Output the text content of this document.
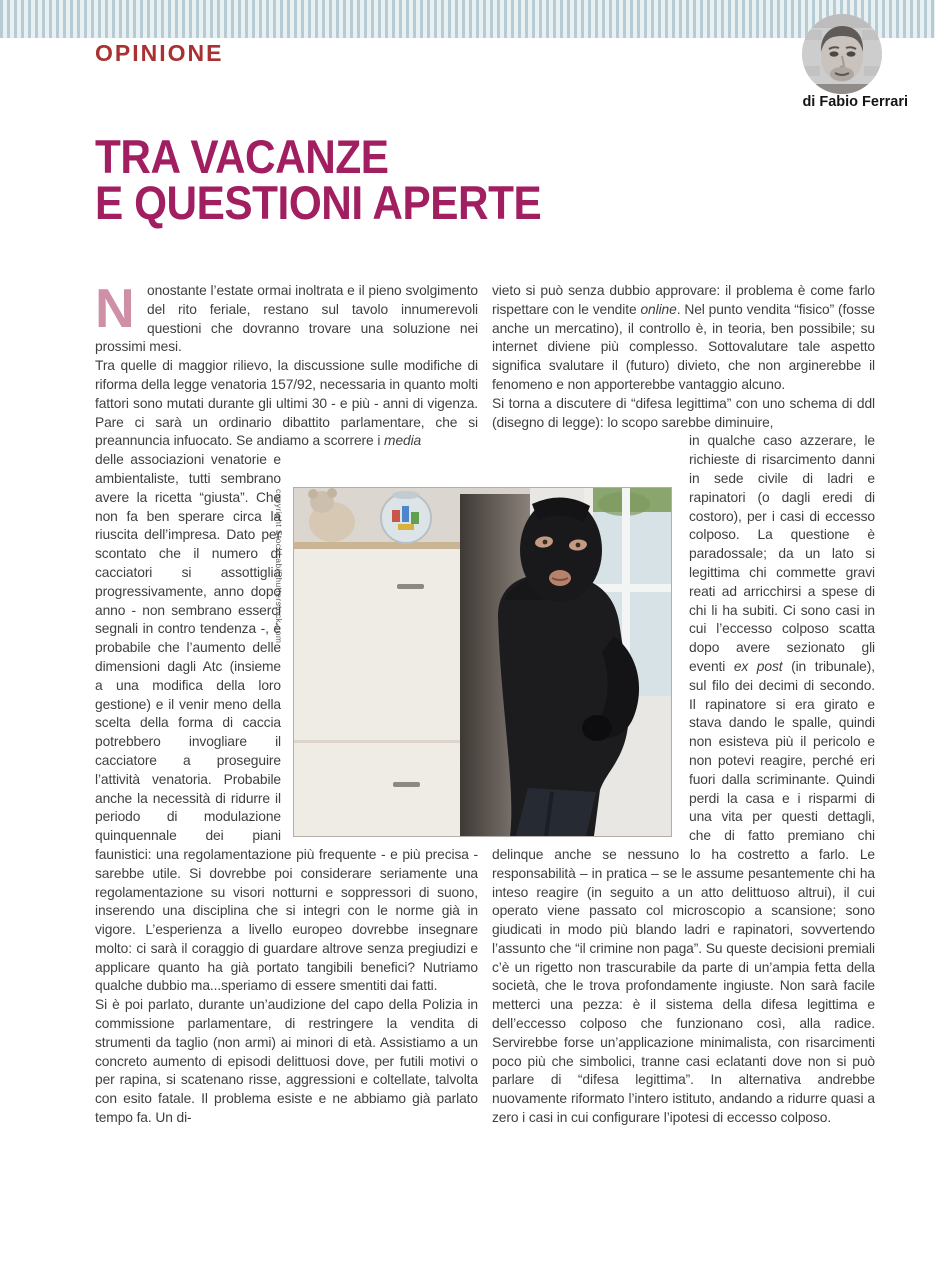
OPINIONE
di Fabio Ferrari
TRA VACANZE
E QUESTIONI APERTE
copyright StockLab/Shutterstock.com

Nonostante l’estate ormai inoltrata e il pieno svolgimento del rito feriale, restano sul tavolo innumerevoli questioni che dovranno trovare una soluzione nei prossimi mesi.

Tra quelle di maggior rilievo, la discussione sulle modifiche di riforma della legge venatoria 157/92, necessaria in quanto molti fattori sono mutati durante gli ultimi 30 - e più - anni di vigenza. Pare ci sarà un ordinario dibattito parlamentare, che si preannuncia infuocato. Se andiamo a scorrere i media

delle associazioni venatorie e ambientaliste, tutti sembrano avere la ricetta “giusta”. Che non fa ben sperare circa la riuscita dell’impresa. Dato per scontato che il numero di cacciatori si assottiglia progressivamente, anno dopo anno - non sembrano esserci segnali in contro tendenza -, è probabile che l’aumento delle dimensioni dagli Atc (insieme a una modifica della loro gestione) e il venir meno della scelta della forma di caccia potrebbero invogliare il cacciatore a proseguire l’attività venatoria. Probabile anche la necessità di ridurre il periodo di modulazione quinquennale dei piani faunistici: una regolamentazione più frequente - e più precisa - sarebbe utile. Si dovrebbe poi considerare seriamente una regolamentazione su visori notturni e soppressori di suono, inserendo una disciplina che si integri con le norme già in vigore. L’esperienza a livello europeo dovrebbe insegnare molto: ci sarà il coraggio di guardare altrove senza pregiudizi e applicare quanto ha già portato tangibili benefici? Nutriamo qualche dubbio ma...speriamo di essere smentiti dai fatti.

Si è poi parlato, durante un’audizione del capo della Polizia in commissione parlamentare, di restringere la vendita di strumenti da taglio (non armi) ai minori di età. Assistiamo a un concreto aumento di episodi delittuosi dove, per futili motivi o per rapina, si scatenano risse, aggressioni e coltellate, talvolta con esito fatale. Il problema esiste e ne abbiamo già parlato tempo fa. Un di-

vieto si può senza dubbio approvare: il problema è come farlo rispettare con le vendite online. Nel punto vendita “fisico” (fosse anche un mercatino), il controllo è, in teoria, ben possibile; su internet diviene più complesso. Sottovalutare tale aspetto significa svalutare il (futuro) divieto, che non arginerebbe il fenomeno e non apporterebbe vantaggio alcuno.

Si torna a discutere di “difesa legittima” con uno schema di ddl (disegno di legge): lo scopo sarebbe diminuire,

in qualche caso azzerare, le richieste di risarcimento danni in sede civile di ladri e rapinatori (o dagli eredi di costoro), per i casi di eccesso colposo. La questione è paradossale; da un lato si legittima chi commette gravi reati ad arricchirsi a spese di chi li ha subiti. Ci sono casi in cui l’eccesso colposo scatta dopo avere sezionato gli eventi ex post (in tribunale), sul filo dei decimi di secondo. Il rapinatore si era girato e stava dando le spalle, quindi non esisteva più il pericolo e non potevi reagire, perché eri fuori dalla scriminante. Quindi perdi la casa e i risparmi di una vita per questi dettagli, che di fatto premiano chi delinque anche se nessuno lo ha costretto a farlo. Le responsabilità – in pratica – se le assume pesantemente chi ha inteso reagire (in seguito a un atto delittuoso altrui), il cui operato viene passato col microscopio a scansione; sono giudicati in modo più blando ladri e rapinatori, sovvertendo l’assunto che “il crimine non paga”. Su queste decisioni premiali c’è un rigetto non trascurabile da parte di un’ampia fetta della società, che le trova profondamente ingiuste. Non sarà facile metterci una pezza: è il sistema della difesa legittima e dell’eccesso colposo che funzionano così, alla radice. Servirebbe forse un’applicazione minimalista, con risarcimenti poco più che simbolici, tranne casi eclatanti dove non si può parlare di “difesa legittima”. In alternativa andrebbe nuovamente riformato l’intero istituto, andando a ridurre quasi a zero i casi in cui configurare l’ipotesi di eccesso colposo.
